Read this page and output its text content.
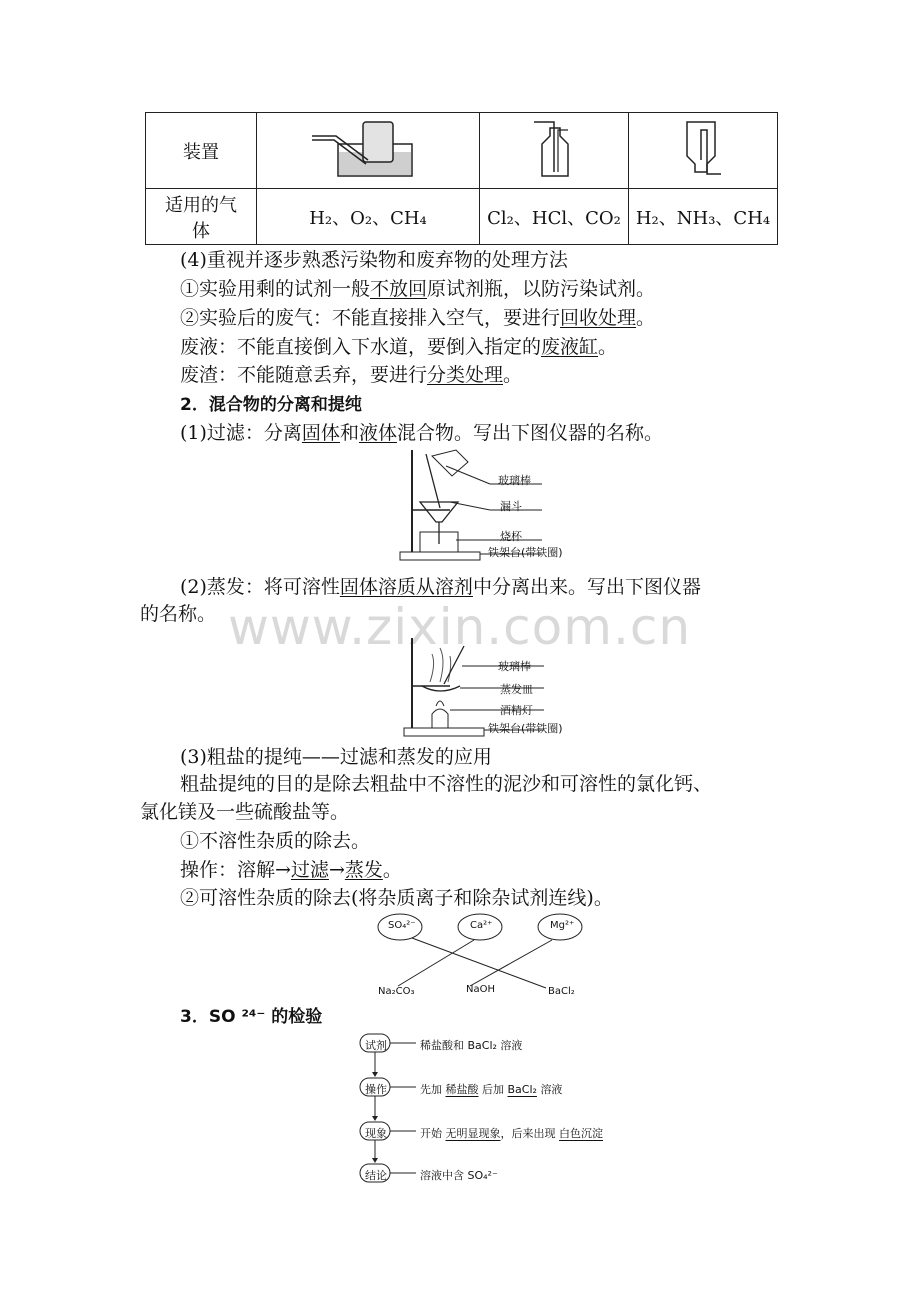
装置			
适用的气
体	H₂、O₂、CH₄	Cl₂、HCl、CO₂	H₂、NH₃、CH₄
(4)重视并逐步熟悉污染物和废弃物的处理方法
①实验用剩的试剂一般不放回原试剂瓶，以防污染试剂。
②实验后的废气：不能直接排入空气，要进行回收处理。
废液：不能直接倒入下水道，要倒入指定的废液缸。
废渣：不能随意丢弃，要进行分类处理。
2．混合物的分离和提纯
(1)过滤：分离固体和液体混合物。写出下图仪器的名称。
玻璃棒
漏斗
烧杯
铁架台(带铁圈)
(2)蒸发：将可溶性固体溶质从溶剂中分离出来。写出下图仪器
的名称。 www.zixin.com.cn
玻璃棒
蒸发皿
酒精灯
铁架台(带铁圈)
(3)粗盐的提纯——过滤和蒸发的应用
粗盐提纯的目的是除去粗盐中不溶性的泥沙和可溶性的氯化钙、
氯化镁及一些硫酸盐等。
①不溶性杂质的除去。
操作：溶解→过滤→蒸发。
②可溶性杂质的除去(将杂质离子和除杂试剂连线)。
SO₄²⁻	Ca²⁺	Mg²⁺
Na₂CO₃	NaOH	BaCl₂
3．SO ²⁴⁻ 的检验
试剂
操作
现象
结论
稀盐酸和 BaCl₂ 溶液
先加 稀盐酸 后加 BaCl₂ 溶液
开始 无明显现象，后来出现 白色沉淀
溶液中含 SO₄²⁻
